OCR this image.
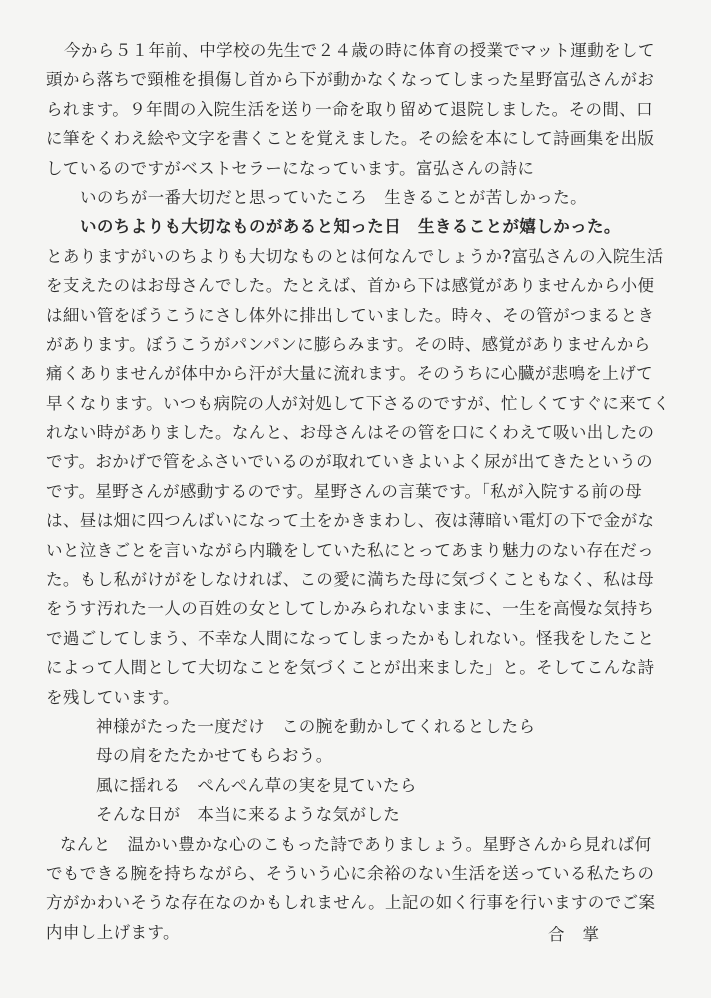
今から５１年前、中学校の先生で２４歳の時に体育の授業でマット運動をして
頭から落ちで頸椎を損傷し首から下が動かなくなってしまった星野富弘さんがお
られます。９年間の入院生活を送り一命を取り留めて退院しました。その間、口
に筆をくわえ絵や文字を書くことを覚えました。その絵を本にして詩画集を出版
しているのですがベストセラーになっています。富弘さんの詩に
いのちが一番大切だと思っていたころ　生きることが苦しかった。
いのちよりも大切なものがあると知った日　生きることが嬉しかった。
とありますがいのちよりも大切なものとは何なんでしょうか?富弘さんの入院生活
を支えたのはお母さんでした。たとえば、首から下は感覚がありませんから小便
は細い管をぼうこうにさし体外に排出していました。時々、その管がつまるとき
があります。ぼうこうがパンパンに膨らみます。その時、感覚がありませんから
痛くありませんが体中から汗が大量に流れます。そのうちに心臓が悲鳴を上げて
早くなります。いつも病院の人が対処して下さるのですが、忙しくてすぐに来てく
れない時がありました。なんと、お母さんはその管を口にくわえて吸い出したの
です。おかげで管をふさいでいるのが取れていきよいよく尿が出てきたというの
です。星野さんが感動するのです。星野さんの言葉です。「私が入院する前の母
は、昼は畑に四つんばいになって土をかきまわし、夜は薄暗い電灯の下で金がな
いと泣きごとを言いながら内職をしていた私にとってあまり魅力のない存在だっ
た。もし私がけがをしなければ、この愛に満ちた母に気づくこともなく、私は母
をうす汚れた一人の百姓の女としてしかみられないままに、一生を高慢な気持ち
で過ごしてしまう、不幸な人間になってしまったかもしれない。怪我をしたこと
によって人間として大切なことを気づくことが出来ました」と。そしてこんな詩
を残しています。
神様がたった一度だけ　この腕を動かしてくれるとしたら
母の肩をたたかせてもらおう。
風に揺れる　ぺんぺん草の実を見ていたら
そんな日が　本当に来るような気がした
なんと　温かい豊かな心のこもった詩でありましょう。星野さんから見れば何
でもできる腕を持ちながら、そういう心に余裕のない生活を送っている私たちの
方がかわいそうな存在なのかもしれません。上記の如く行事を行いますのでご案
内申し上げます。	合掌
